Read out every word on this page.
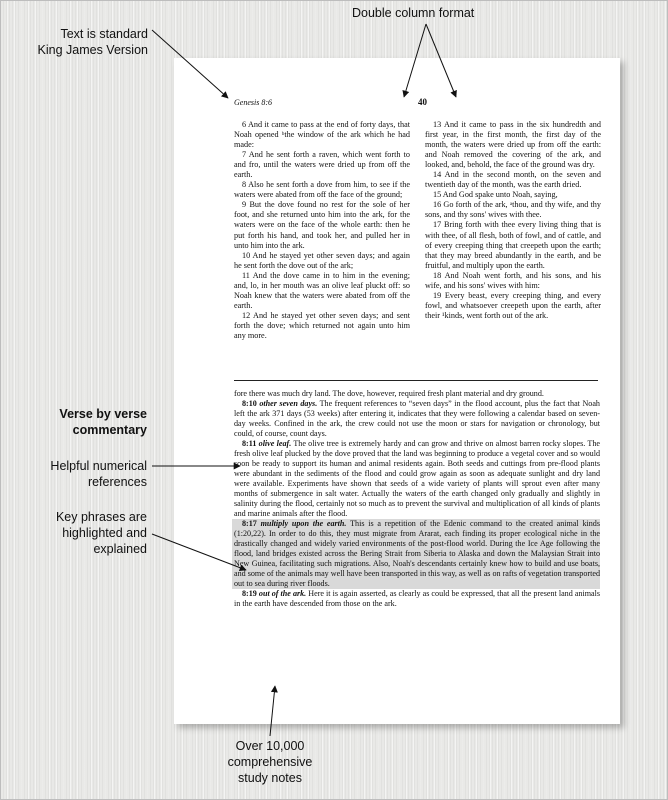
Text is standard
King James Version
Double column format
Verse by verse
commentary
Helpful numerical
references
Key phrases are
highlighted and
explained
Over 10,000
comprehensive
study notes
Genesis 8:6	40

6 And it came to pass at the end of forty days, that Noah opened ᵇthe window of the ark which he had made:

7 And he sent forth a raven, which went forth to and fro, until the waters were dried up from off the earth.

8 Also he sent forth a dove from him, to see if the waters were abated from off the face of the ground;

9 But the dove found no rest for the sole of her foot, and she returned unto him into the ark, for the waters were on the face of the whole earth: then he put forth his hand, and took her, and pulled her in unto him into the ark.

10 And he stayed yet other seven days; and again he sent forth the dove out of the ark;

11 And the dove came in to him in the evening; and, lo, in her mouth was an olive leaf pluckt off: so Noah knew that the waters were abated from off the earth.

12 And he stayed yet other seven days; and sent forth the dove; which returned not again unto him any more.

13 And it came to pass in the six hundredth and first year, in the first month, the first day of the month, the waters were dried up from off the earth: and Noah removed the covering of the ark, and looked, and, behold, the face of the ground was dry.

14 And in the second month, on the seven and twentieth day of the month, was the earth dried.

15 And God spake unto Noah, saying,

16 Go forth of the ark, ᵃthou, and thy wife, and thy sons, and thy sons' wives with thee.

17 Bring forth with thee every living thing that is with thee, of all flesh, both of fowl, and of cattle, and of every creeping thing that creepeth upon the earth; that they may breed abundantly in the earth, and be fruitful, and multiply upon the earth.

18 And Noah went forth, and his sons, and his wife, and his sons' wives with him:

19 Every beast, every creeping thing, and every fowl, and whatsoever creepeth upon the earth, after their ¹kinds, went forth out of the ark.

fore there was much dry land. The dove, however, required fresh plant material and dry ground.

8:10 other seven days. The frequent references to “seven days” in the flood account, plus the fact that Noah left the ark 371 days (53 weeks) after entering it, indicates that they were following a calendar based on seven-day weeks. Confined in the ark, the crew could not use the moon or stars for navigation or chronology, but could, of course, count days.

8:11 olive leaf. The olive tree is extremely hardy and can grow and thrive on almost barren rocky slopes. The fresh olive leaf plucked by the dove proved that the land was beginning to produce a vegetal cover and so would soon be ready to support its human and animal residents again. Both seeds and cuttings from pre-flood plants were abundant in the sediments of the flood and could grow again as soon as adequate sunlight and dry land were available. Experiments have shown that seeds of a wide variety of plants will sprout even after many months of submergence in salt water. Actually the waters of the earth changed only gradually and slightly in salinity during the flood, certainly not so much as to prevent the survival and multiplication of all kinds of plants and marine animals after the flood.

8:17 multiply upon the earth. This is a repetition of the Edenic command to the created animal kinds (1:20,22). In order to do this, they must migrate from Ararat, each finding its proper ecological niche in the drastically changed and widely varied environments of the post-flood world. During the Ice Age following the flood, land bridges existed across the Bering Strait from Siberia to Alaska and down the Malaysian Strait into New Guinea, facilitating such migrations. Also, Noah's descendants certainly knew how to build and use boats, and some of the animals may well have been transported in this way, as well as on rafts of vegetation transported out to sea during river floods.

8:19 out of the ark. Here it is again asserted, as clearly as could be expressed, that all the present land animals in the earth have descended from those on the ark.
